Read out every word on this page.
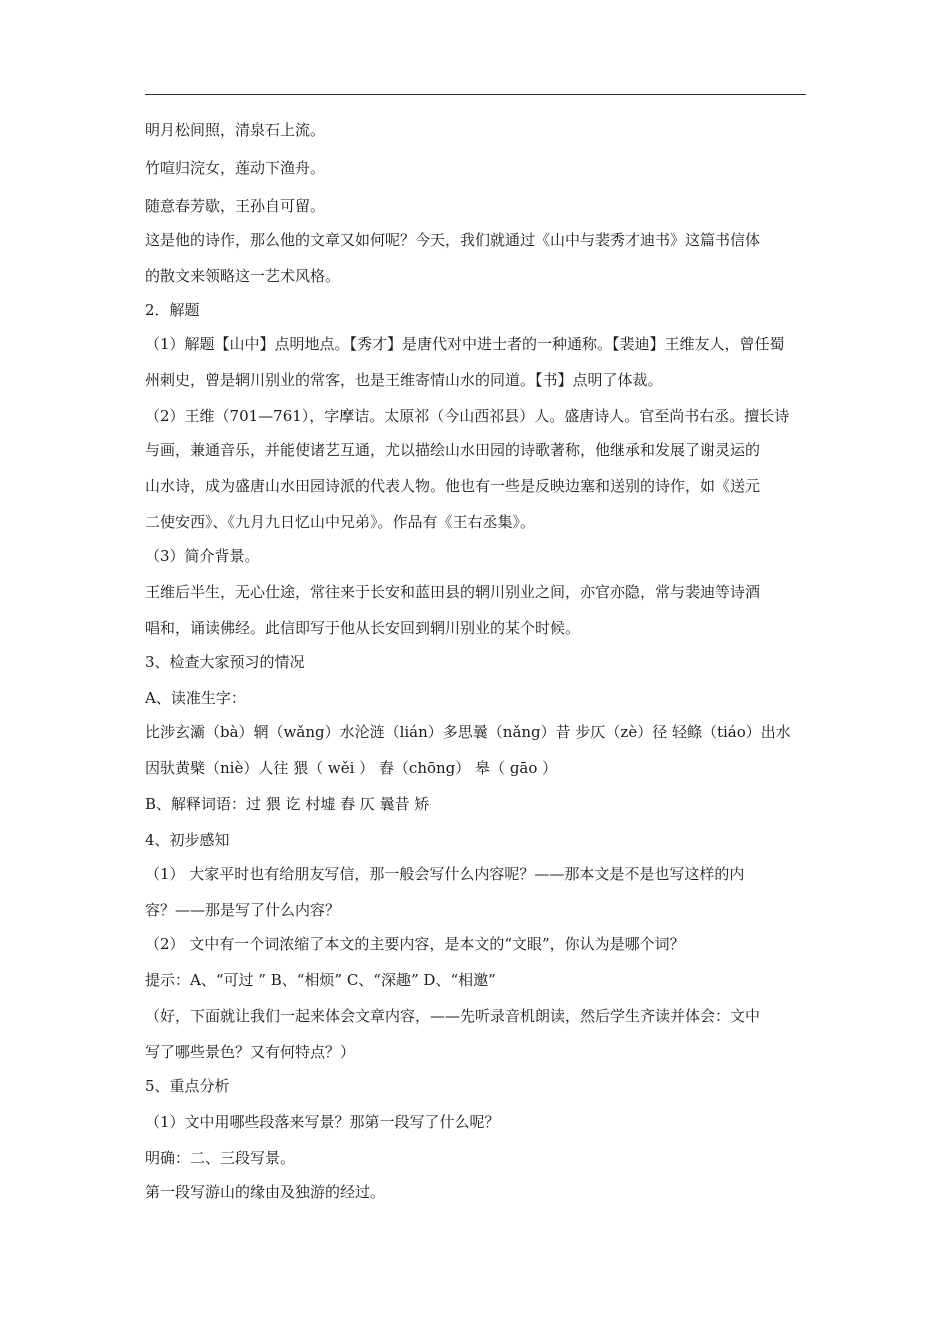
明月松间照，清泉石上流。
竹喧归浣女，莲动下渔舟。
随意春芳歇，王孙自可留。
这是他的诗作，那么他的文章又如何呢？今天，我们就通过《山中与裴秀才迪书》这篇书信体
的散文来领略这一艺术风格。
2．解题
（1）解题【山中】点明地点。【秀才】是唐代对中进士者的一种通称。【裴迪】王维友人，曾任蜀
州刺史，曾是辋川别业的常客，也是王维寄情山水的同道。【书】点明了体裁。
（2）王维（701—761），字摩诘。太原祁（今山西祁县）人。盛唐诗人。官至尚书右丞。擅长诗
与画，兼通音乐，并能使诸艺互通，尤以描绘山水田园的诗歌著称，他继承和发展了谢灵运的
山水诗，成为盛唐山水田园诗派的代表人物。他也有一些是反映边塞和送别的诗作，如《送元
二使安西》、《九月九日忆山中兄弟》。作品有《王右丞集》。
（3）简介背景。
王维后半生，无心仕途，常往来于长安和蓝田县的辋川别业之间，亦官亦隐，常与裴迪等诗酒
唱和，诵读佛经。此信即写于他从长安回到辋川别业的某个时候。
3、检查大家预习的情况
A、读准生字：
比涉玄灞（bà）辋（wǎng）水沦涟（lián）多思曩（nǎng）昔 步仄（zè）径 轻鲦（tiáo）出水
因驮黄檗（niè）人往 猥（ wěi ） 舂（chōng） 皋（ ɡāo ）
B、解释词语：过 猥 讫 村墟 舂 仄 曩昔 矫
4、初步感知
（1） 大家平时也有给朋友写信，那一般会写什么内容呢？——那本文是不是也写这样的内
容？——那是写了什么内容？
（2） 文中有一个词浓缩了本文的主要内容，是本文的“文眼”，你认为是哪个词？
提示：A、“可过 ” B、“相烦” C、“深趣” D、“相邀”
（好，下面就让我们一起来体会文章内容，——先听录音机朗读，然后学生齐读并体会：文中
写了哪些景色？又有何特点？）
5、重点分析
（1）文中用哪些段落来写景？那第一段写了什么呢？
明确：二、三段写景。
第一段写游山的缘由及独游的经过。
